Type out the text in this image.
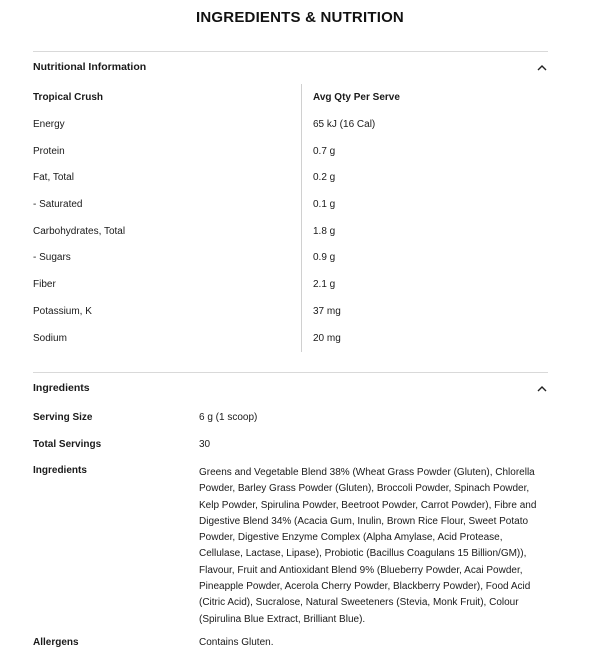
INGREDIENTS & NUTRITION
Nutritional Information
Tropical Crush	Avg Qty Per Serve
Energy	65 kJ (16 Cal)
Protein	0.7 g
Fat, Total	0.2 g
- Saturated	0.1 g
Carbohydrates, Total	1.8 g
- Sugars	0.9 g
Fiber	2.1 g
Potassium, K	37 mg
Sodium	20 mg
Ingredients
Serving Size	6 g (1 scoop)
Total Servings	30
Ingredients	Greens and Vegetable Blend 38% (Wheat Grass Powder (Gluten), Chlorella Powder, Barley Grass Powder (Gluten), Broccoli Powder, Spinach Powder, Kelp Powder, Spirulina Powder, Beetroot Powder, Carrot Powder), Fibre and Digestive Blend 34% (Acacia Gum, Inulin, Brown Rice Flour, Sweet Potato Powder, Digestive Enzyme Complex (Alpha Amylase, Acid Protease, Cellulase, Lactase, Lipase), Probiotic (Bacillus Coagulans 15 Billion/GM)), Flavour, Fruit and Antioxidant Blend 9% (Blueberry Powder, Acai Powder, Pineapple Powder, Acerola Cherry Powder, Blackberry Powder), Food Acid (Citric Acid), Sucralose, Natural Sweeteners (Stevia, Monk Fruit), Colour (Spirulina Blue Extract, Brilliant Blue).
Allergens	Contains Gluten.
